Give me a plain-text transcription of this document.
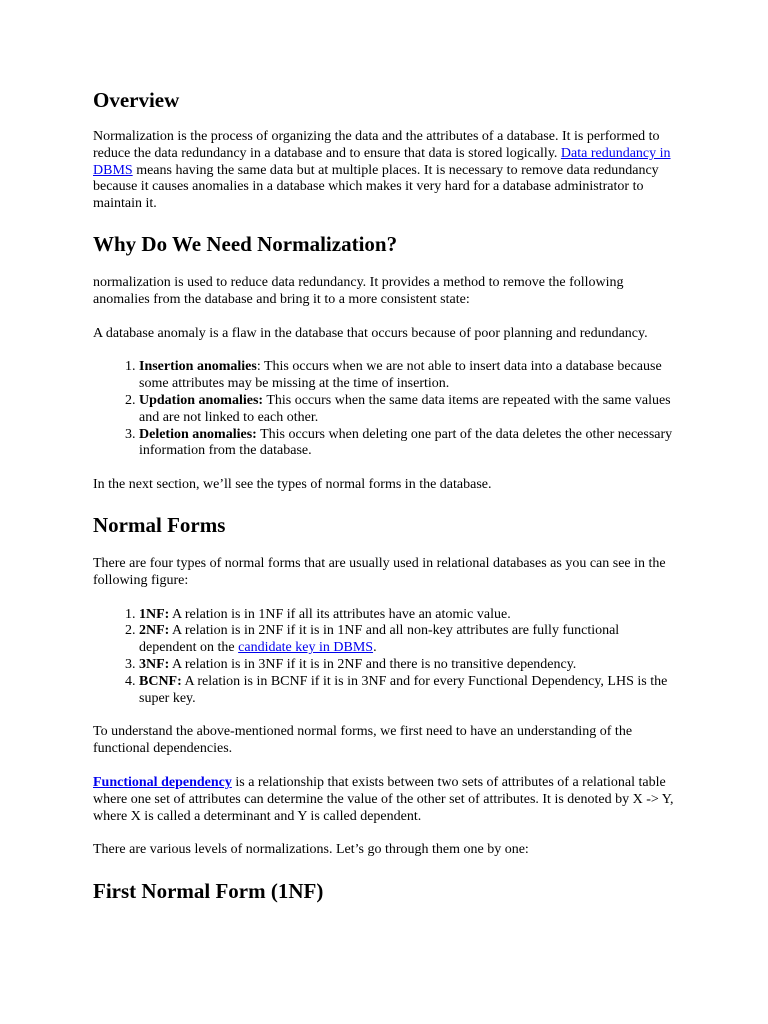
Overview

Normalization is the process of organizing the data and the attributes of a database. It is performed to reduce the data redundancy in a database and to ensure that data is stored logically. Data redundancy in DBMS means having the same data but at multiple places. It is necessary to remove data redundancy because it causes anomalies in a database which makes it very hard for a database administrator to maintain it.

Why Do We Need Normalization?

normalization is used to reduce data redundancy. It provides a method to remove the following anomalies from the database and bring it to a more consistent state:

A database anomaly is a flaw in the database that occurs because of poor planning and redundancy.

1. Insertion anomalies: This occurs when we are not able to insert data into a database because some attributes may be missing at the time of insertion.
2. Updation anomalies: This occurs when the same data items are repeated with the same values and are not linked to each other.
3. Deletion anomalies: This occurs when deleting one part of the data deletes the other necessary information from the database.

In the next section, we’ll see the types of normal forms in the database.

Normal Forms

There are four types of normal forms that are usually used in relational databases as you can see in the following figure:

1. 1NF: A relation is in 1NF if all its attributes have an atomic value.
2. 2NF: A relation is in 2NF if it is in 1NF and all non-key attributes are fully functional dependent on the candidate key in DBMS.
3. 3NF: A relation is in 3NF if it is in 2NF and there is no transitive dependency.
4. BCNF: A relation is in BCNF if it is in 3NF and for every Functional Dependency, LHS is the super key.

To understand the above-mentioned normal forms, we first need to have an understanding of the functional dependencies.

Functional dependency is a relationship that exists between two sets of attributes of a relational table where one set of attributes can determine the value of the other set of attributes. It is denoted by X -> Y, where X is called a determinant and Y is called dependent.

There are various levels of normalizations. Let’s go through them one by one:

First Normal Form (1NF)
